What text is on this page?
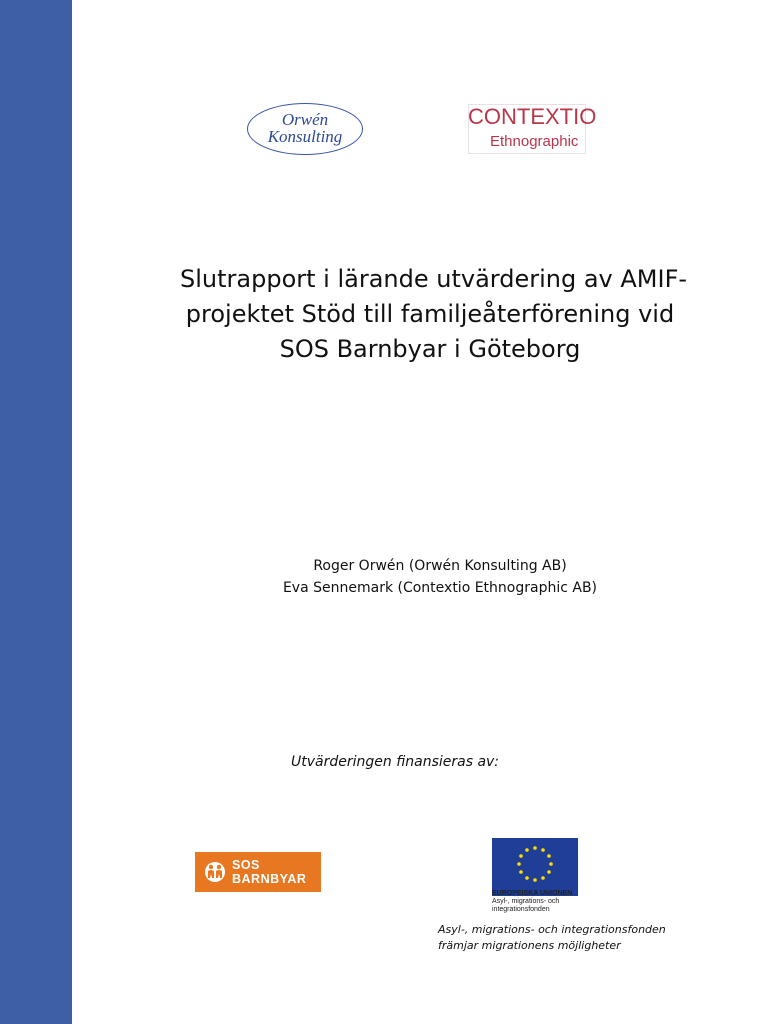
Orwén
Konsulting
CONTEXTIO
Ethnographic
Slutrapport i lärande utvärdering av AMIF-
projektet Stöd till familjeåterförening vid
SOS Barnbyar i Göteborg
Roger Orwén (Orwén Konsulting AB)
Eva Sennemark (Contextio Ethnographic AB)
Utvärderingen finansieras av:
SOS
BARNBYAR
EUROPEISKA UNIONEN
Asyl-, migrations- och
integrationsfonden
Asyl-, migrations- och integrationsfonden
främjar migrationens möjligheter
